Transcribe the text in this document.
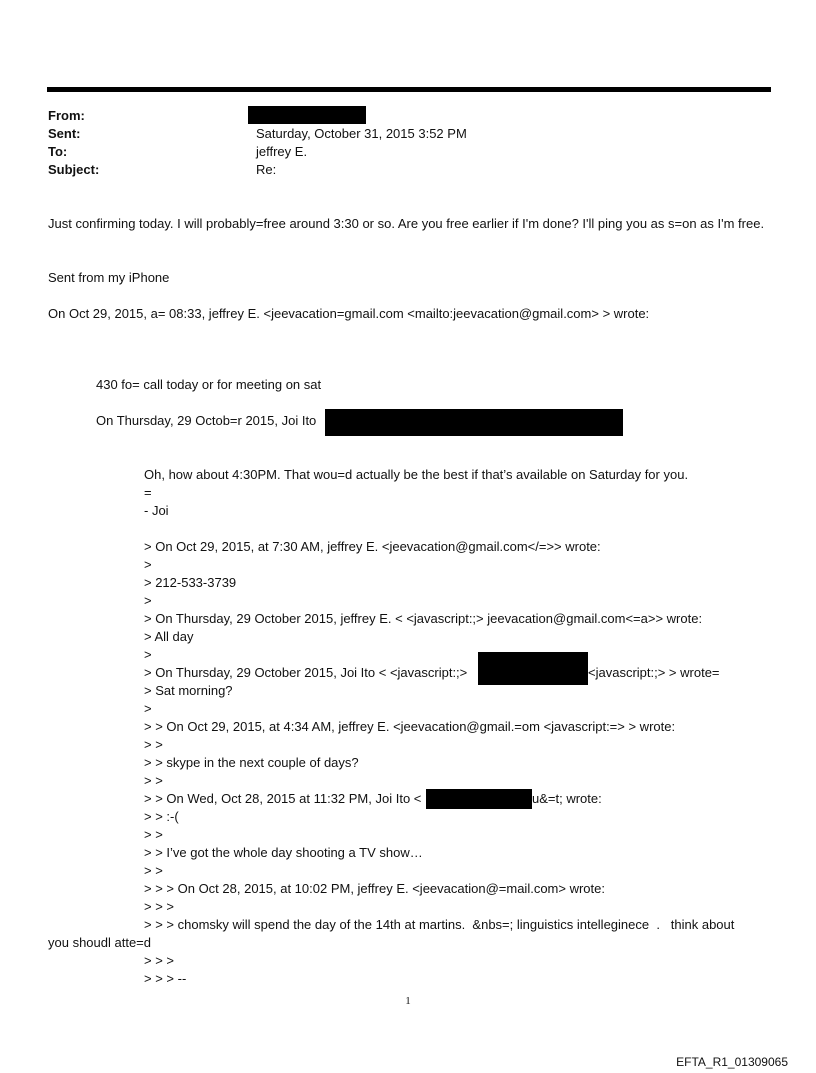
From:
Sent:	Saturday, October 31, 2015 3:52 PM
To:	jeffrey E.
Subject:	Re:
Just confirming today. I will probably=free around 3:30 or so. Are you free earlier if I'm done? I'll ping you as s=on as I'm free.
Sent from my iPhone
On Oct 29, 2015, a= 08:33, jeffrey E. <jeevacation=gmail.com <mailto:jeevacation@gmail.com> > wrote:
430 fo= call today or for meeting on sat
On Thursday, 29 Octob=r 2015, Joi Ito
Oh, how about 4:30PM. That wou=d actually be the best if that’s available on Saturday for you.
=
- Joi
> On Oct 29, 2015, at 7:30 AM, jeffrey E. <jeevacation@gmail.com</=>> wrote:
>
> 212-533-3739
>
> On Thursday, 29 October 2015, jeffrey E. < <javascript:;> jeevacation@gmail.com<=a>> wrote:
> All day
>
> On Thursday, 29 October 2015, Joi Ito < <javascript:;>	<javascript:;> > wrote=
> Sat morning?
>
> > On Oct 29, 2015, at 4:34 AM, jeffrey E. <jeevacation@gmail.=om <javascript:=> > wrote:
> >
> > skype in the next couple of days?
> >
> > On Wed, Oct 28, 2015 at 11:32 PM, Joi Ito <	u&=t; wrote:
> > :-(
> >
> > I’ve got the whole day shooting a TV show…
> >
> > > On Oct 28, 2015, at 10:02 PM, jeffrey E. <jeevacation@=mail.com> wrote:
> > >
> > > chomsky will spend the day of the 14th at martins.  &nbs=; linguistics intelleginece  .   think about
you shoudl atte=d
> > >
> > > --
1
EFTA_R1_01309065
